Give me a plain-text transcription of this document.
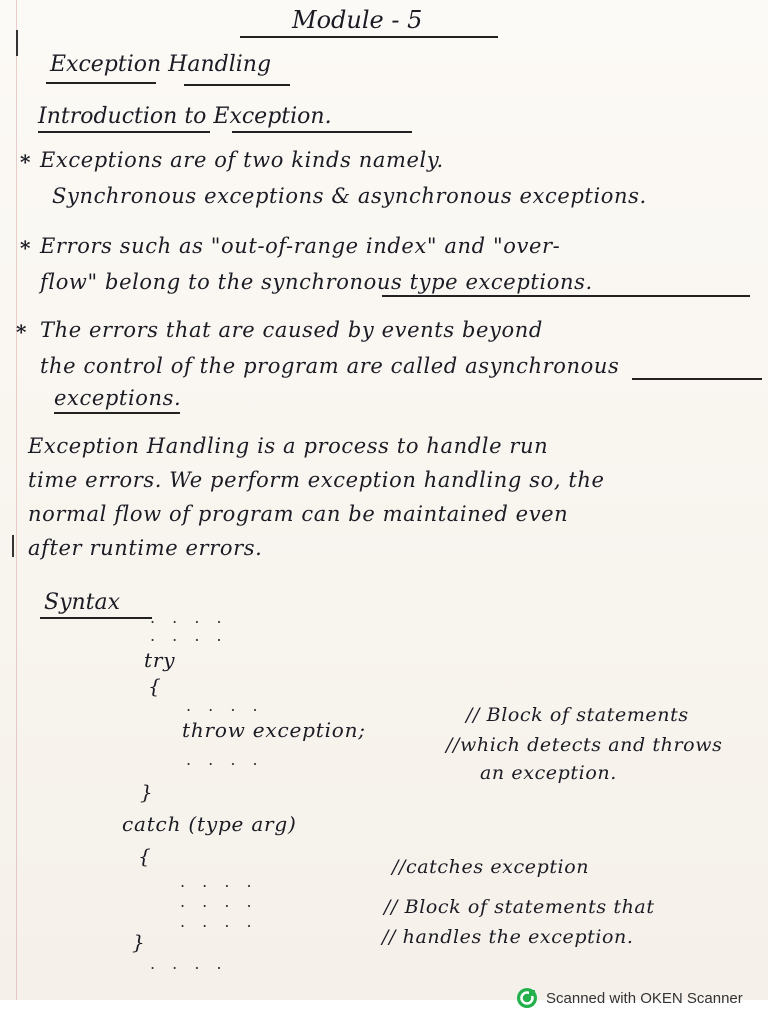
Module - 5
Exception Handling
Introduction to Exception.
* Exceptions are of two kinds namely.
Synchronous exceptions & asynchronous exceptions.
* Errors such as "out-of-range index" and "over-
flow" belong to the synchronous type exceptions.
* The errors that are caused by events beyond
the control of the program are called asynchronous
exceptions.
Exception Handling is a process to handle run
time errors. We perform exception handling so, the
normal flow of program can be maintained even
after runtime errors.
Syntax
. . . .
. . . .
try
{
. . . .
throw exception;
// Block of statements
//which detects and throws
an exception.
. . . .
}
catch (type arg)
{	//catches exception
. . . .
. . . .	// Block of statements that
. . . .
}	// handles the exception.
. . . .
Scanned with OKEN Scanner
